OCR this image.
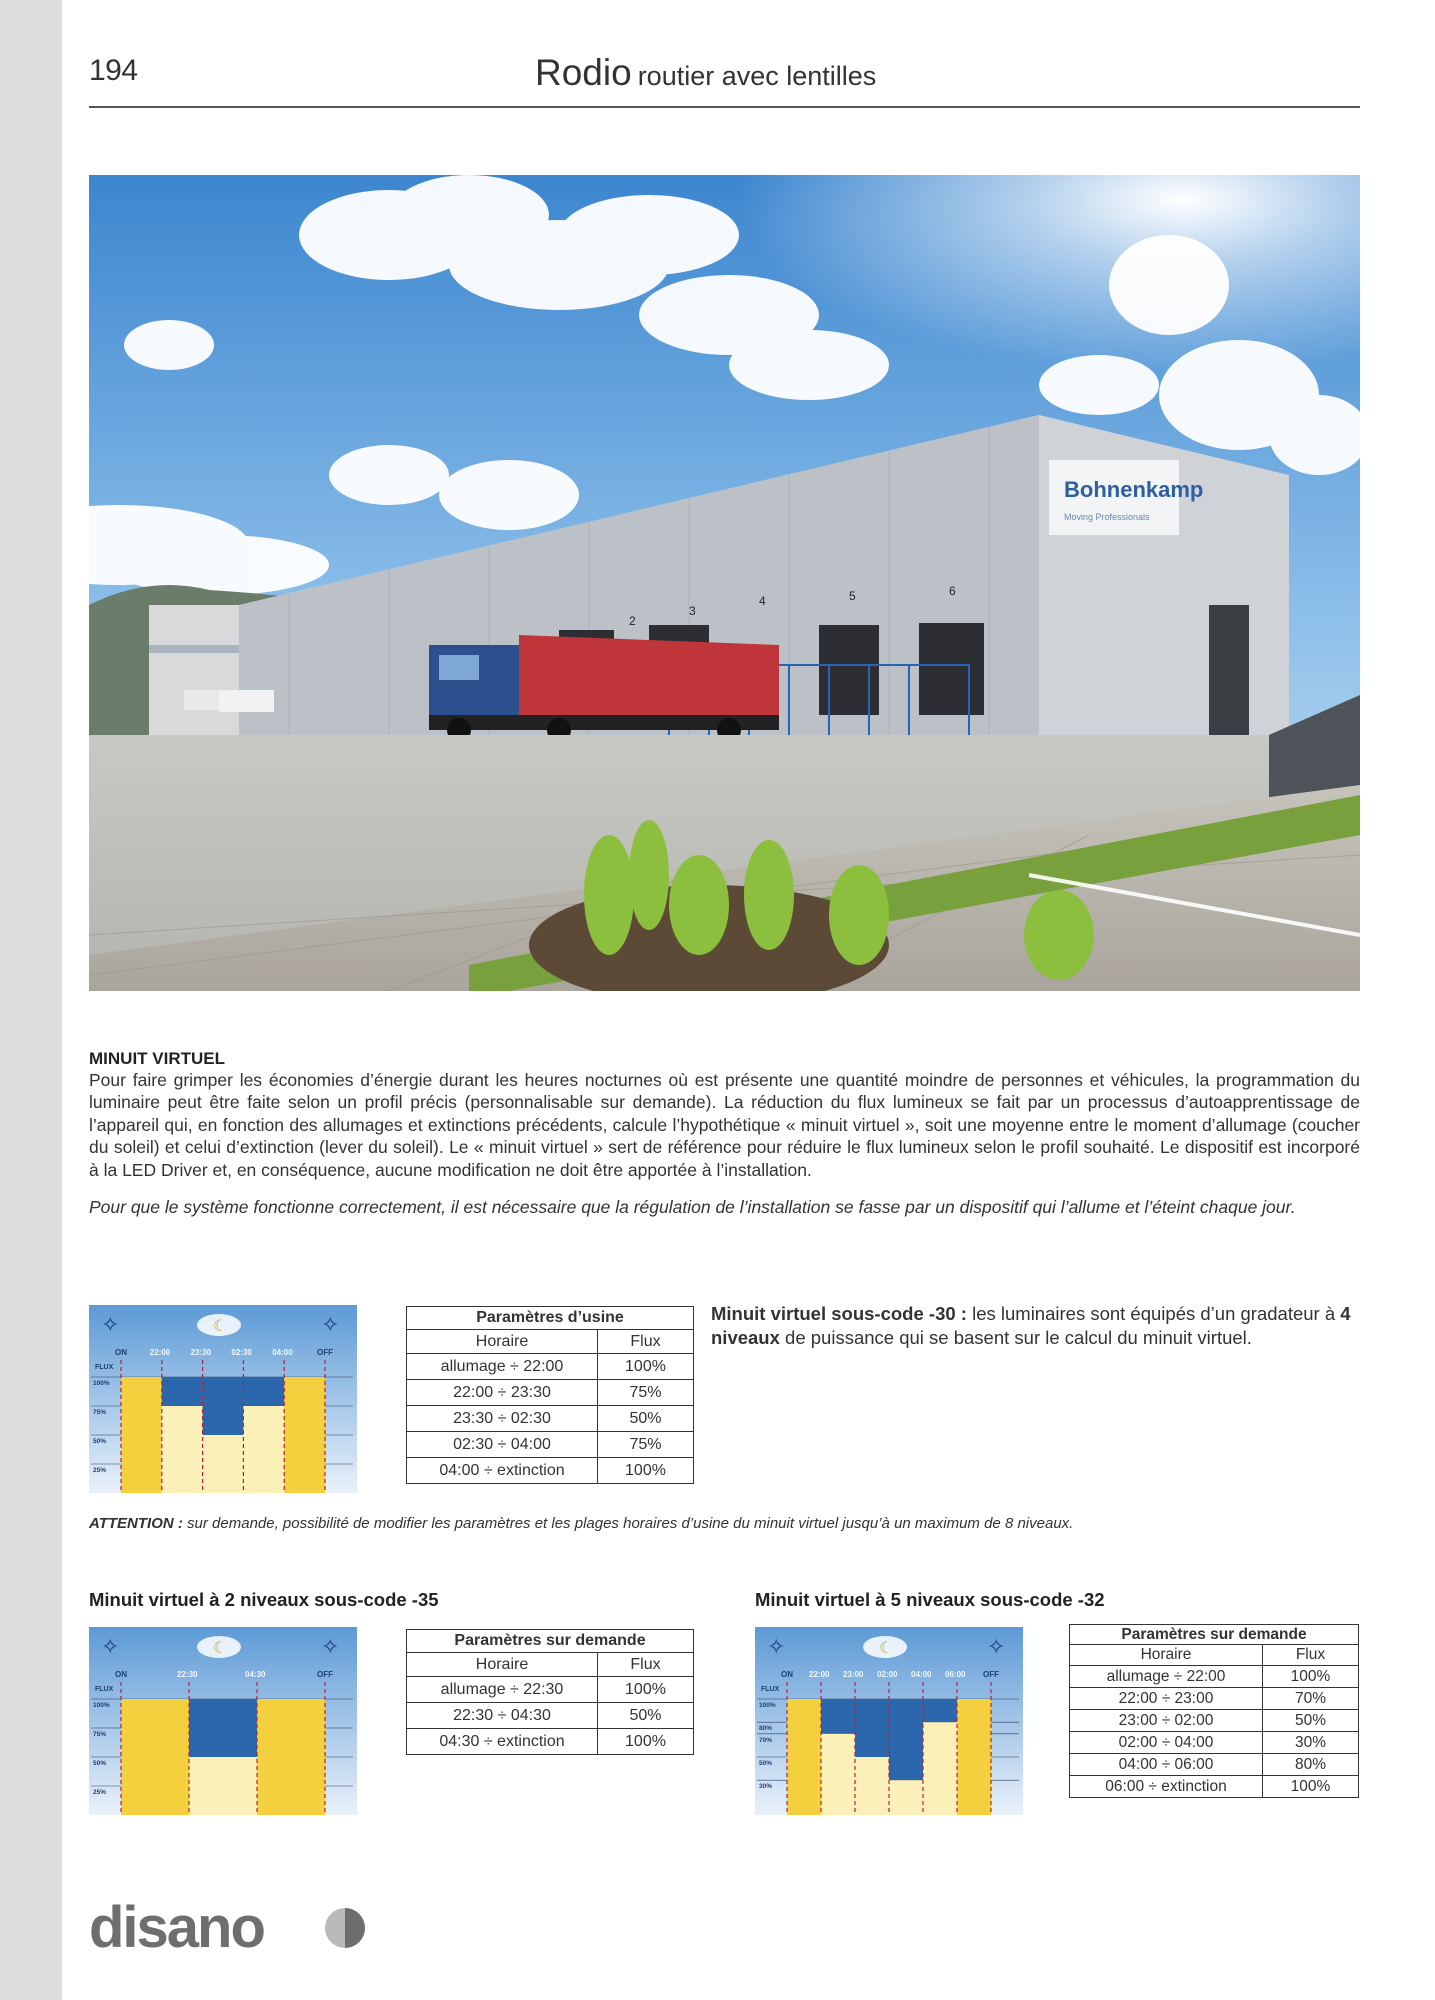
194	Rodio routier avec lentilles
Bohnenkamp
Moving Professionals
2
3
4	5	6
MINUIT VIRTUEL
Pour faire grimper les économies d’énergie durant les heures nocturnes où est présente une quantité moindre de personnes et véhicules, la programmation du luminaire peut être faite selon un profil précis (personnalisable sur demande). La réduction du flux lumineux se fait par un processus d’autoapprentissage de l’appareil qui, en fonction des allumages et extinctions précédents, calcule l’hypothétique « minuit virtuel », soit une moyenne entre le moment d’allumage (coucher du soleil) et celui d’extinction (lever du soleil). Le « minuit virtuel » sert de référence pour réduire le flux lumineux selon le profil souhaité. Le dispositif est incorporé à la LED Driver et, en conséquence, aucune modification ne doit être apportée à l’installation.
Pour que le système fonctionne correctement, il est nécessaire que la régulation de l’installation se fasse par un dispositif qui l’allume et l’éteint chaque jour.
✧	✧
☾
FLUX
100%
75%
50%
25%
ON	22:00	23:30	02:30	04:00	OFF
Paramètres d’usine	
Horaire	Flux
allumage ÷ 22:00	100%
22:00 ÷ 23:30	75%
23:30 ÷ 02:30	50%
02:30 ÷ 04:00	75%
04:00 ÷ extinction	100%
Minuit virtuel sous-code -30 : les luminaires sont équipés d’un gradateur à 4 niveaux de puissance qui se basent sur le calcul du minuit virtuel.
ATTENTION : sur demande, possibilité de modifier les paramètres et les plages horaires d’usine du minuit virtuel jusqu’à un maximum de 8 niveaux.
Minuit virtuel à 2 niveaux sous-code -35
✧	✧
☾
FLUX
100%
75%
50%
25%
ON	22:30	04:30	OFF
Paramètres sur demande	
Horaire	Flux
allumage ÷ 22:30	100%
22:30 ÷ 04:30	50%
04:30 ÷ extinction	100%
Minuit virtuel à 5 niveaux sous-code -32
✧	✧
☾
FLUX
100%
80%
70%
50%
30%
ON 22:00 23:00 02:00 04:00 06:00 OFF
Paramètres sur demande	
Horaire	Flux
allumage ÷ 22:00	100%
22:00 ÷ 23:00	70%
23:00 ÷ 02:00	50%
02:00 ÷ 04:00	30%
04:00 ÷ 06:00	80%
06:00 ÷ extinction	100%
disano
